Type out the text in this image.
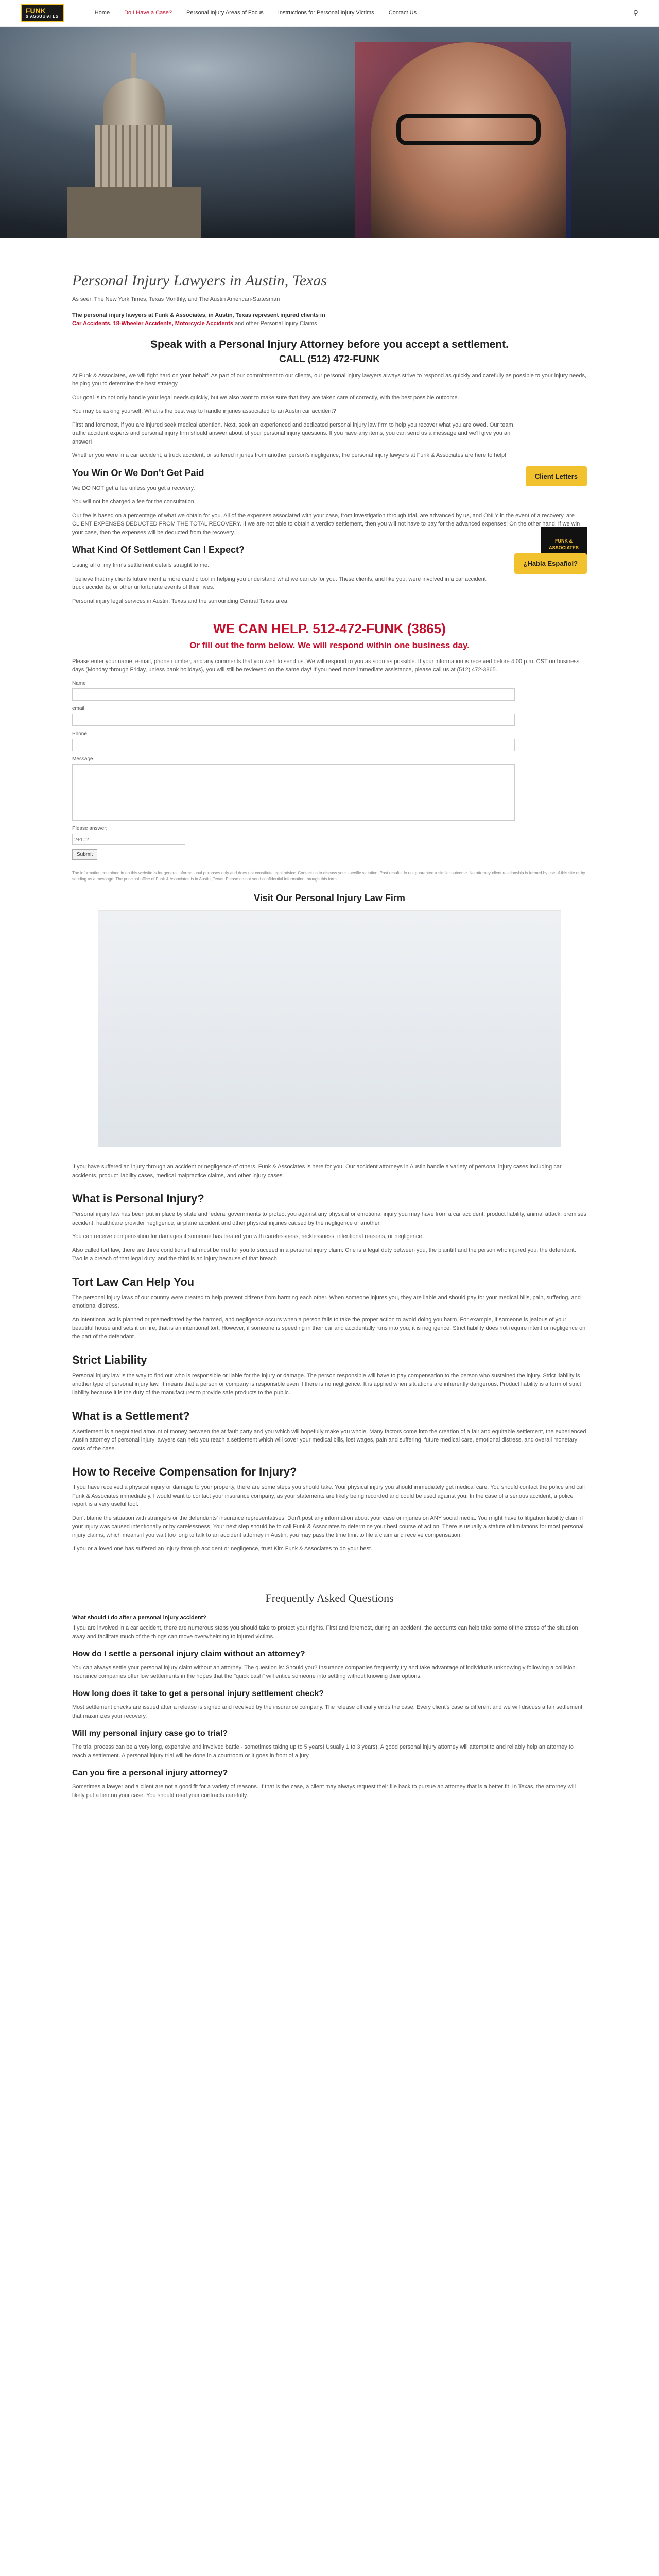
FUNK
& ASSOCIATES
Home	Do I Have a Case?	Personal Injury Areas of Focus	Instructions for Personal Injury Victims	Contact Us	⚲
Personal Injury Lawyers in Austin, Texas
As seen The New York Times, Texas Monthly, and The Austin American-Statesman
The personal injury lawyers at Funk & Associates, in Austin, Texas represent injured clients in
Car Accidents, 18-Wheeler Accidents, Motorcycle Accidents and other Personal Injury Claims
Speak with a Personal Injury Attorney before you accept a settlement.
CALL (512) 472-FUNK

At Funk & Associates, we will fight hard on your behalf. As part of our commitment to our clients, our personal injury lawyers always strive to respond as quickly and carefully as possible to your injury needs, helping you to determine the best strategy.

Our goal is to not only handle your legal needs quickly, but we also want to make sure that they are taken care of correctly, with the best possible outcome.

FUNK & ASSOCIATES

You may be asking yourself: What is the best way to handle injuries associated to an Austin car accident?

First and foremost, if you are injured seek medical attention. Next, seek an experienced and dedicated personal injury law firm to help you recover what you are owed. Our team traffic accident experts and personal injury firm should answer about of your personal injury questions. If you have any items, you can send us a message and we'll give you an answer!

Whether you were in a car accident, a truck accident, or suffered injuries from another person's negligence, the personal injury lawyers at Funk & Associates are here to help!

You Win Or We Don't Get Paid	Client Letters

We DO NOT get a fee unless you get a recovery.

You will not be charged a fee for the consultation.

Our fee is based on a percentage of what we obtain for you. All of the expenses associated with your case, from investigation through trial, are advanced by us, and ONLY in the event of a recovery, are CLIENT EXPENSES DEDUCTED FROM THE TOTAL RECOVERY. If we are not able to obtain a verdict/ settlement, then you will not have to pay for the advanced expenses! On the other hand, if we win your case, then the expenses will be deducted from the recovery.

What Kind Of Settlement Can I Expect?
¿Habla Español?

Listing all of my firm's settlement details straight to me.

I believe that my clients future merit a more candid tool in helping you understand what we can do for you. These clients, and like you, were involved in a car accident, truck accidents, or other unfortunate events of their lives.

Personal injury legal services in Austin, Texas and the surrounding Central Texas area.

WE CAN HELP. 512-472-FUNK (3865)
Or fill out the form below. We will respond within one business day.

Please enter your name, e-mail, phone number, and any comments that you wish to send us. We will respond to you as soon as possible. If your information is received before 4:00 p.m. CST on business days (Monday through Friday, unless bank holidays), you will still be reviewed on the same day! If you need more immediate assistance, please call us at (512) 472-3865.

Name
email
Phone
Message
Please answer:
2+1=?
Submit
The information contained in on this website is for general informational purposes only and does not constitute legal advice. Contact us to discuss your specific situation. Past results do not guarantee a similar outcome. No attorney-client relationship is formed by use of this site or by sending us a message. The principal office of Funk & Associates is in Austin, Texas. Please do not send confidential information through this form.
Visit Our Personal Injury Law Firm

If you have suffered an injury through an accident or negligence of others, Funk & Associates is here for you. Our accident attorneys in Austin handle a variety of personal injury cases including car accidents, product liability cases, medical malpractice claims, and other injury cases.

What is Personal Injury?

Personal injury law has been put in place by state and federal governments to protect you against any physical or emotional injury you may have from a car accident, product liability, animal attack, premises accident, healthcare provider negligence, airplane accident and other physical injuries caused by the negligence of another.

You can receive compensation for damages if someone has treated you with carelessness, recklessness, intentional reasons, or negligence.

Also called tort law, there are three conditions that must be met for you to succeed in a personal injury claim: One is a legal duty between you, the plaintiff and the person who injured you, the defendant. Two is a breach of that legal duty, and the third is an injury because of that breach.

Tort Law Can Help You

The personal injury laws of our country were created to help prevent citizens from harming each other. When someone injures you, they are liable and should pay for your medical bills, pain, suffering, and emotional distress.

An intentional act is planned or premeditated by the harmed, and negligence occurs when a person fails to take the proper action to avoid doing you harm. For example, if someone is jealous of your beautiful house and sets it on fire, that is an intentional tort. However, if someone is speeding in their car and accidentally runs into you, it is negligence. Strict liability does not require intent or negligence on the part of the defendant.

Strict Liability

Personal injury law is the way to find out who is responsible or liable for the injury or damage. The person responsible will have to pay compensation to the person who sustained the injury. Strict liability is another type of personal injury law. It means that a person or company is responsible even if there is no negligence. It is applied when situations are inherently dangerous. Product liability is a form of strict liability because it is the duty of the manufacturer to provide safe products to the public.

What is a Settlement?

A settlement is a negotiated amount of money between the at fault party and you which will hopefully make you whole. Many factors come into the creation of a fair and equitable settlement, the experienced Austin attorney of personal injury lawyers can help you reach a settlement which will cover your medical bills, lost wages, pain and suffering, future medical care, emotional distress, and overall monetary costs of the case.

How to Receive Compensation for Injury?

If you have received a physical injury or damage to your property, there are some steps you should take. Your physical injury you should immediately get medical care. You should contact the police and call Funk & Associates immediately. I would want to contact your insurance company, as your statements are likely being recorded and could be used against you. In the case of a serious accident, a police report is a very useful tool.

Don't blame the situation with strangers or the defendants' insurance representatives. Don't post any information about your case or injuries on ANY social media. You might have to litigation liability claim if your injury was caused intentionally or by carelessness. Your next step should be to call Funk & Associates to determine your best course of action. There is usually a statute of limitations for most personal injury claims, which means if you wait too long to talk to an accident attorney in Austin, you may pass the time limit to file a claim and receive compensation.

If you or a loved one has suffered an injury through accident or negligence, trust Kim Funk & Associates to do your best.

Frequently Asked Questions
What should I do after a personal injury accident?

If you are involved in a car accident, there are numerous steps you should take to protect your rights. First and foremost, during an accident, the accounts can help take some of the stress of the situation away and facilitate much of the things can move overwhelming to injured victims.

How do I settle a personal injury claim without an attorney?

You can always settle your personal injury claim without an attorney. The question is: Should you? Insurance companies frequently try and take advantage of individuals unknowingly following a collision. Insurance companies offer low settlements in the hopes that the "quick cash" will entice someone into settling without knowing their options.

How long does it take to get a personal injury settlement check?

Most settlement checks are issued after a release is signed and received by the insurance company. The release officially ends the case. Every client's case is different and we will discuss a fair settlement that maximizes your recovery.

Will my personal injury case go to trial?

The trial process can be a very long, expensive and involved battle - sometimes taking up to 5 years! Usually 1 to 3 years). A good personal injury attorney will attempt to and reliably help an attorney to reach a settlement. A personal injury trial will be done in a courtroom or it goes in front of a jury.

Can you fire a personal injury attorney?

Sometimes a lawyer and a client are not a good fit for a variety of reasons. If that is the case, a client may always request their file back to pursue an attorney that is a better fit. In Texas, the attorney will likely put a lien on your case. You should read your contracts carefully.
